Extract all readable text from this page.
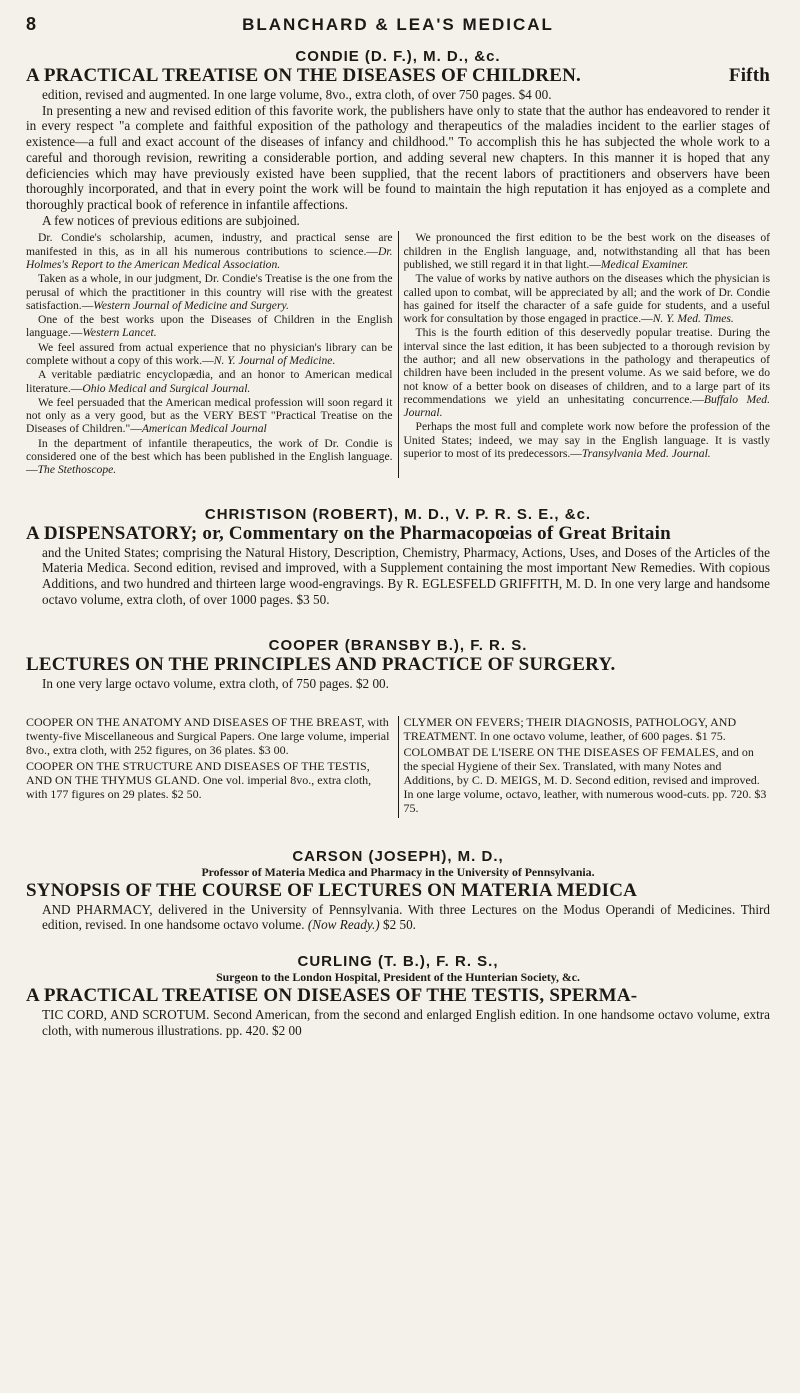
8	BLANCHARD & LEA'S MEDICAL
CONDIE (D. F.), M. D., &c.
A PRACTICAL TREATISE ON THE DISEASES OF CHILDREN.	Fifth
edition, revised and augmented. In one large volume, 8vo., extra cloth, of over 750 pages. $4 00.
In presenting a new and revised edition of this favorite work, the publishers have only to state that the author has endeavored to render it in every respect "a complete and faithful exposition of the pathology and therapeutics of the maladies incident to the earlier stages of existence—a full and exact account of the diseases of infancy and childhood." To accomplish this he has subjected the whole work to a careful and thorough revision, rewriting a considerable portion, and adding several new chapters. In this manner it is hoped that any deficiencies which may have previously existed have been supplied, that the recent labors of practitioners and observers have been thoroughly incorporated, and that in every point the work will be found to maintain the high reputation it has enjoyed as a complete and thoroughly practical book of reference in infantile affections.
A few notices of previous editions are subjoined.

Dr. Condie's scholarship, acumen, industry, and practical sense are manifested in this, as in all his numerous contributions to science.—Dr. Holmes's Report to the American Medical Association.

Taken as a whole, in our judgment, Dr. Condie's Treatise is the one from the perusal of which the practitioner in this country will rise with the greatest satisfaction.—Western Journal of Medicine and Surgery.

One of the best works upon the Diseases of Children in the English language.—Western Lancet.

We feel assured from actual experience that no physician's library can be complete without a copy of this work.—N. Y. Journal of Medicine.

A veritable pædiatric encyclopædia, and an honor to American medical literature.—Ohio Medical and Surgical Journal.

We feel persuaded that the American medical profession will soon regard it not only as a very good, but as the VERY BEST "Practical Treatise on the Diseases of Children."—American Medical Journal

In the department of infantile therapeutics, the work of Dr. Condie is considered one of the best which has been published in the English language.—The Stethoscope.

We pronounced the first edition to be the best work on the diseases of children in the English language, and, notwithstanding all that has been published, we still regard it in that light.—Medical Examiner.

The value of works by native authors on the diseases which the physician is called upon to combat, will be appreciated by all; and the work of Dr. Condie has gained for itself the character of a safe guide for students, and a useful work for consultation by those engaged in practice.—N. Y. Med. Times.

This is the fourth edition of this deservedly popular treatise. During the interval since the last edition, it has been subjected to a thorough revision by the author; and all new observations in the pathology and therapeutics of children have been included in the present volume. As we said before, we do not know of a better book on diseases of children, and to a large part of its recommendations we yield an unhesitating concurrence.—Buffalo Med. Journal.

Perhaps the most full and complete work now before the profession of the United States; indeed, we may say in the English language. It is vastly superior to most of its predecessors.—Transylvania Med. Journal.

CHRISTISON (ROBERT), M. D., V. P. R. S. E., &c.
A DISPENSATORY; or, Commentary on the Pharmacopœias of Great Britain
and the United States; comprising the Natural History, Description, Chemistry, Pharmacy, Actions, Uses, and Doses of the Articles of the Materia Medica. Second edition, revised and improved, with a Supplement containing the most important New Remedies. With copious Additions, and two hundred and thirteen large wood-engravings. By R. EGLESFELD GRIFFITH, M. D. In one very large and handsome octavo volume, extra cloth, of over 1000 pages. $3 50.
COOPER (BRANSBY B.), F. R. S.
LECTURES ON THE PRINCIPLES AND PRACTICE OF SURGERY.
In one very large octavo volume, extra cloth, of 750 pages. $2 00.

COOPER ON THE ANATOMY AND DISEASES OF THE BREAST, with twenty-five Miscellaneous and Surgical Papers. One large volume, imperial 8vo., extra cloth, with 252 figures, on 36 plates. $3 00.

COOPER ON THE STRUCTURE AND DISEASES OF THE TESTIS, AND ON THE THYMUS GLAND. One vol. imperial 8vo., extra cloth, with 177 figures on 29 plates. $2 50.

CLYMER ON FEVERS; THEIR DIAGNOSIS, PATHOLOGY, AND TREATMENT. In one octavo volume, leather, of 600 pages. $1 75.

COLOMBAT DE L'ISERE ON THE DISEASES OF FEMALES, and on the special Hygiene of their Sex. Translated, with many Notes and Additions, by C. D. MEIGS, M. D. Second edition, revised and improved. In one large volume, octavo, leather, with numerous wood-cuts. pp. 720. $3 75.

CARSON (JOSEPH), M. D.,
Professor of Materia Medica and Pharmacy in the University of Pennsylvania.
SYNOPSIS OF THE COURSE OF LECTURES ON MATERIA MEDICA
AND PHARMACY, delivered in the University of Pennsylvania. With three Lectures on the Modus Operandi of Medicines. Third edition, revised. In one handsome octavo volume. (Now Ready.) $2 50.
CURLING (T. B.), F. R. S.,
Surgeon to the London Hospital, President of the Hunterian Society, &c.
A PRACTICAL TREATISE ON DISEASES OF THE TESTIS, SPERMA-
TIC CORD, AND SCROTUM. Second American, from the second and enlarged English edition. In one handsome octavo volume, extra cloth, with numerous illustrations. pp. 420. $2 00
